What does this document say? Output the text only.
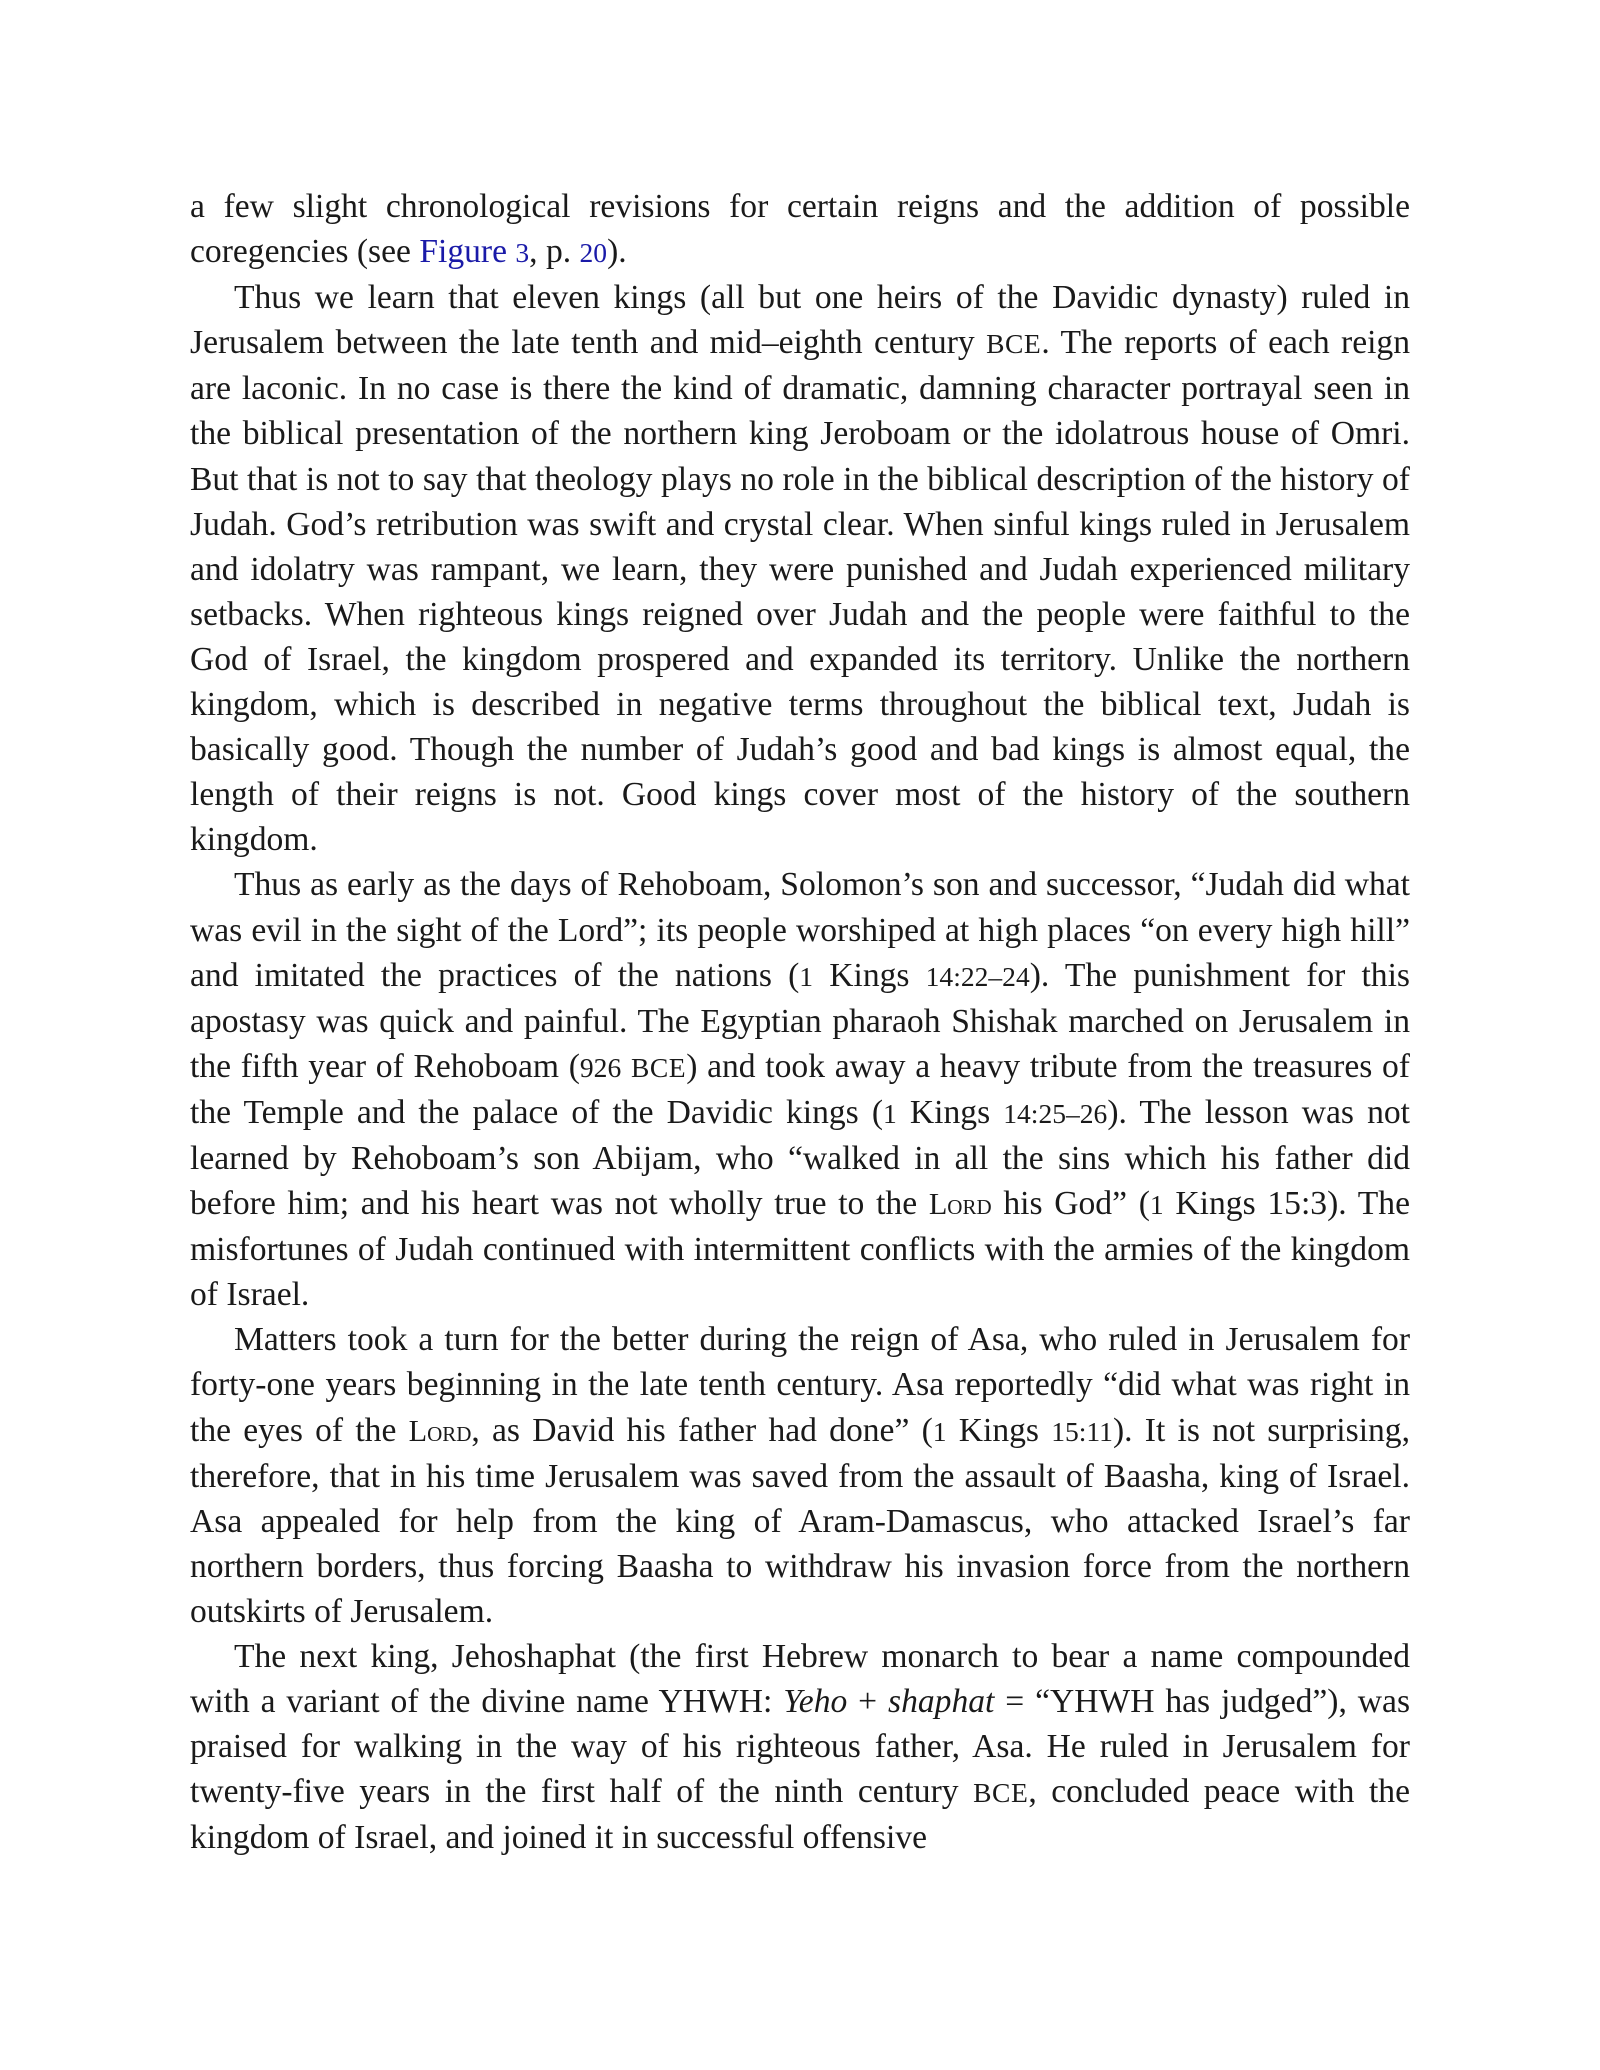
a few slight chronological revisions for certain reigns and the addition of possible coregencies (see Figure 3, p. 20).

Thus we learn that eleven kings (all but one heirs of the Davidic dynasty) ruled in Jerusalem between the late tenth and mid–eighth century BCE. The reports of each reign are laconic. In no case is there the kind of dramatic, damning character portrayal seen in the biblical presentation of the northern king Jeroboam or the idolatrous house of Omri. But that is not to say that theology plays no role in the biblical description of the history of Judah. God’s retribution was swift and crystal clear. When sinful kings ruled in Jerusalem and idolatry was rampant, we learn, they were punished and Judah experienced military setbacks. When righteous kings reigned over Judah and the people were faithful to the God of Israel, the kingdom prospered and expanded its territory. Unlike the northern kingdom, which is described in negative terms throughout the biblical text, Judah is basically good. Though the number of Judah’s good and bad kings is almost equal, the length of their reigns is not. Good kings cover most of the history of the southern kingdom.

Thus as early as the days of Rehoboam, Solomon’s son and successor, “Judah did what was evil in the sight of the Lord”; its people worshiped at high places “on every high hill” and imitated the practices of the nations (1 Kings 14:22–24). The punishment for this apostasy was quick and painful. The Egyptian pharaoh Shishak marched on Jerusalem in the fifth year of Rehoboam (926 BCE) and took away a heavy tribute from the treasures of the Temple and the palace of the Davidic kings (1 Kings 14:25–26). The lesson was not learned by Rehoboam’s son Abijam, who “walked in all the sins which his father did before him; and his heart was not wholly true to the Lord his God” (1 Kings 15:3). The misfortunes of Judah continued with intermittent conflicts with the armies of the kingdom of Israel.

Matters took a turn for the better during the reign of Asa, who ruled in Jerusalem for forty-one years beginning in the late tenth century. Asa reportedly “did what was right in the eyes of the Lord, as David his father had done” (1 Kings 15:11). It is not surprising, therefore, that in his time Jerusalem was saved from the assault of Baasha, king of Israel. Asa appealed for help from the king of Aram-Damascus, who attacked Israel’s far northern borders, thus forcing Baasha to withdraw his invasion force from the northern outskirts of Jerusalem.

The next king, Jehoshaphat (the first Hebrew monarch to bear a name compounded with a variant of the divine name YHWH: Yeho + shaphat = “YHWH has judged”), was praised for walking in the way of his righteous father, Asa. He ruled in Jerusalem for twenty-five years in the first half of the ninth century BCE, concluded peace with the kingdom of Israel, and joined it in successful offensive
